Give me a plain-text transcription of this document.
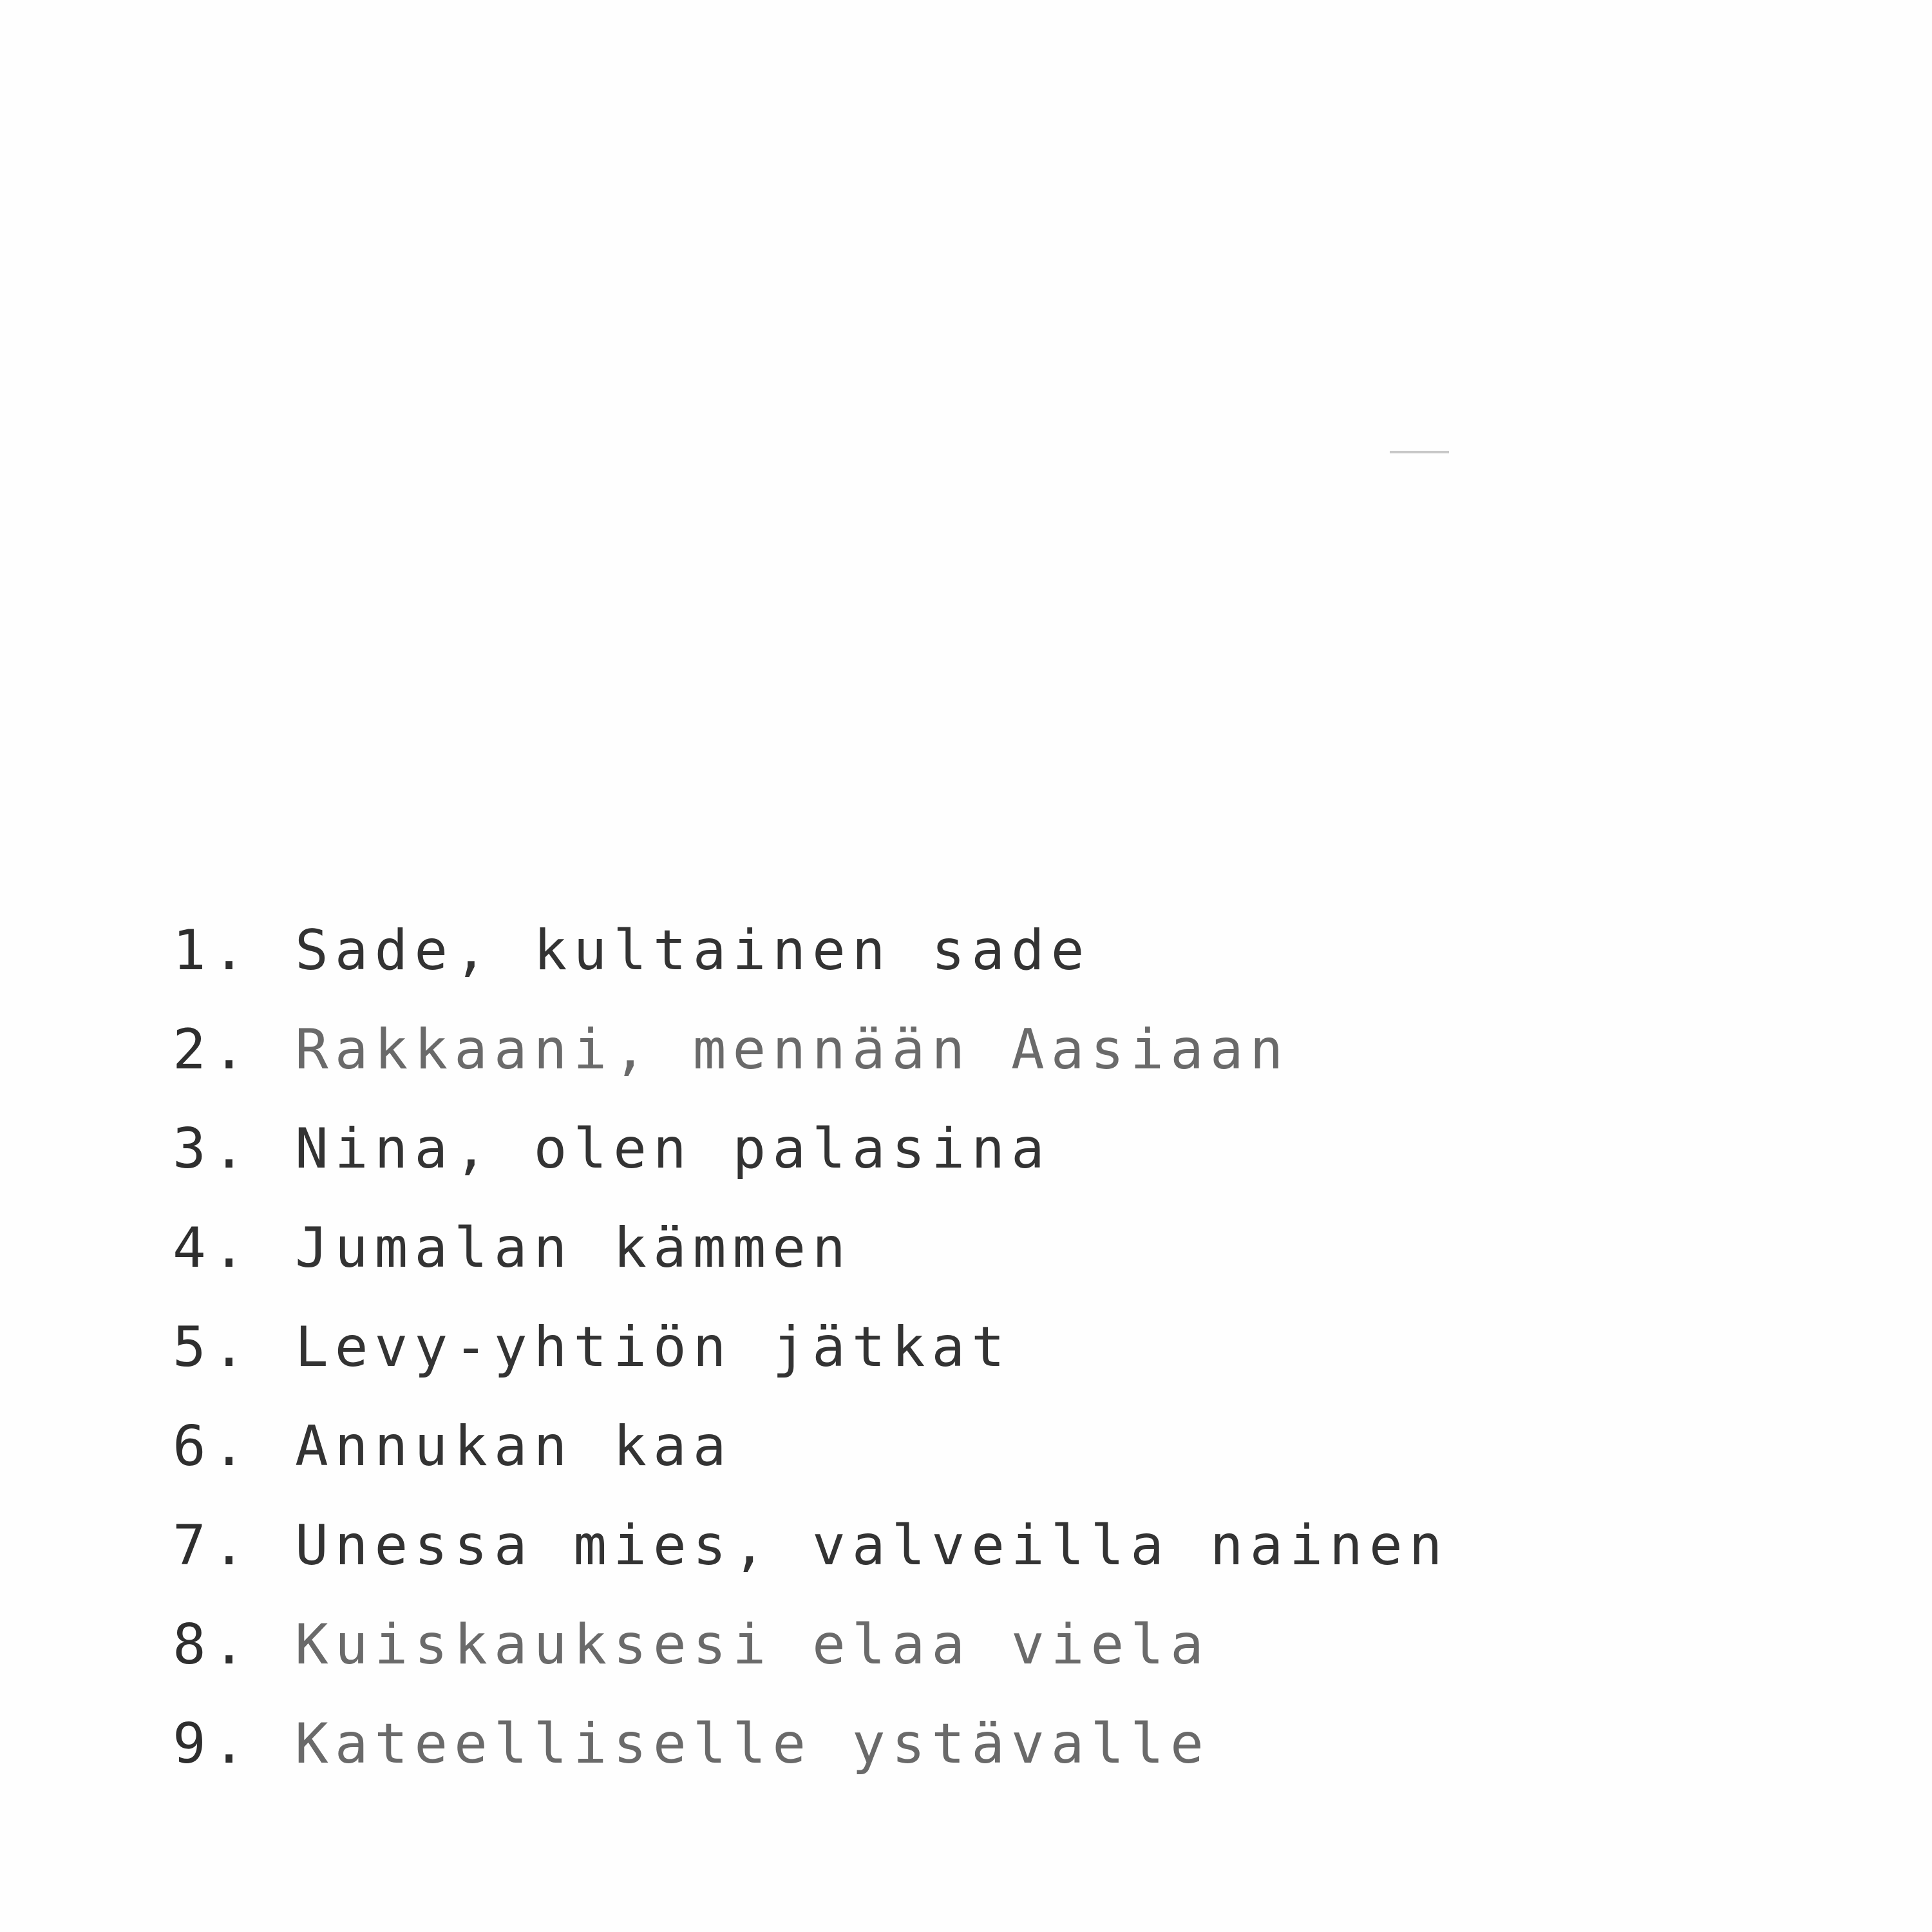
1. Sade, kultainen sade
2. Rakkaani, mennään Aasiaan
3. Nina, olen palasina
4. Jumalan kämmen
5. Levy-yhtiön jätkat
6. Annukan kaa
7. Unessa mies, valveilla nainen
8. Kuiskauksesi elaa viela
9. Kateelliselle ystävalle
